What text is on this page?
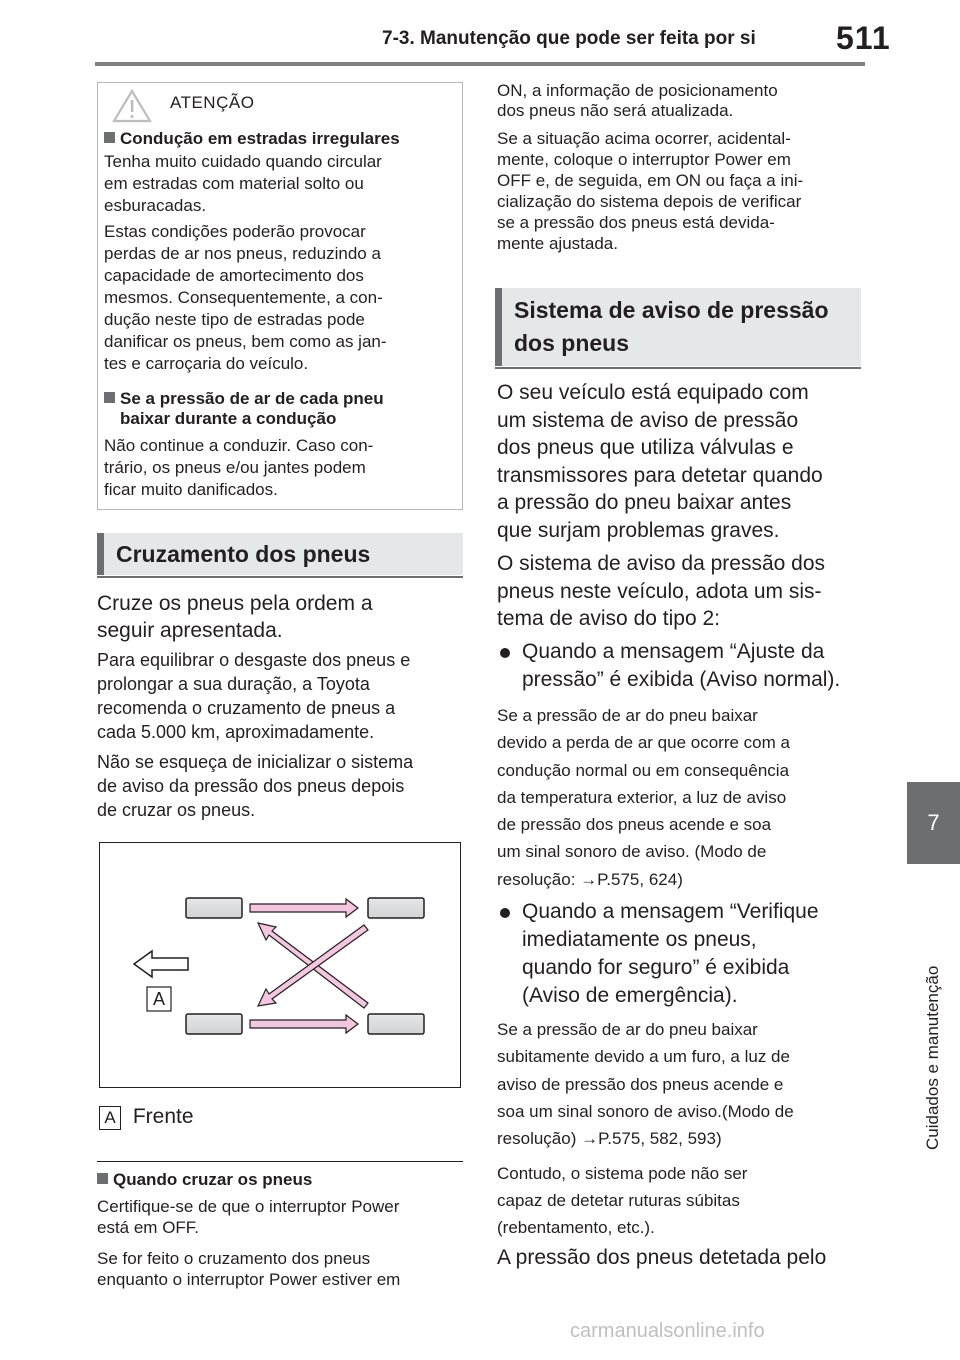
7-3. Manutenção que pode ser feita por si	511
7
Cuidados e manutenção
ATENÇÃO
Condução em estradas irregulares
Tenha muito cuidado quando circular
em estradas com material solto ou
esburacadas.
Estas condições poderão provocar
perdas de ar nos pneus, reduzindo a
capacidade de amortecimento dos
mesmos. Consequentemente, a con-
dução neste tipo de estradas pode
danificar os pneus, bem como as jan-
tes e carroçaria do veículo.
Se a pressão de ar de cada pneu
baixar durante a condução
Não continue a conduzir. Caso con-
trário, os pneus e/ou jantes podem
ficar muito danificados.
Cruzamento dos pneus
Cruze os pneus pela ordem a
seguir apresentada.
Para equilibrar o desgaste dos pneus e
prolongar a sua duração, a Toyota
recomenda o cruzamento de pneus a
cada 5.000 km, aproximadamente.
Não se esqueça de inicializar o sistema
de aviso da pressão dos pneus depois
de cruzar os pneus.
A
A Frente
Quando cruzar os pneus
Certifique-se de que o interruptor Power
está em OFF.
Se for feito o cruzamento dos pneus
enquanto o interruptor Power estiver em
ON, a informação de posicionamento
dos pneus não será atualizada.
Se a situação acima ocorrer, acidental-
mente, coloque o interruptor Power em
OFF e, de seguida, em ON ou faça a ini-
cialização do sistema depois de verificar
se a pressão dos pneus está devida-
mente ajustada.
Sistema de aviso de pressão
dos pneus
O seu veículo está equipado com
um sistema de aviso de pressão
dos pneus que utiliza válvulas e
transmissores para detetar quando
a pressão do pneu baixar antes
que surjam problemas graves.
O sistema de aviso da pressão dos
pneus neste veículo, adota um sis-
tema de aviso do tipo 2:
Quando a mensagem “Ajuste da
pressão” é exibida (Aviso normal).
Se a pressão de ar do pneu baixar
devido a perda de ar que ocorre com a
condução normal ou em consequência
da temperatura exterior, a luz de aviso
de pressão dos pneus acende e soa
um sinal sonoro de aviso. (Modo de
resolução: →P.575, 624)
Quando a mensagem “Verifique
imediatamente os pneus,
quando for seguro” é exibida
(Aviso de emergência).
Se a pressão de ar do pneu baixar
subitamente devido a um furo, a luz de
aviso de pressão dos pneus acende e
soa um sinal sonoro de aviso.(Modo de
resolução) →P.575, 582, 593)
Contudo, o sistema pode não ser
capaz de detetar ruturas súbitas
(rebentamento, etc.).
A pressão dos pneus detetada pelo
carmanualsonline.info
